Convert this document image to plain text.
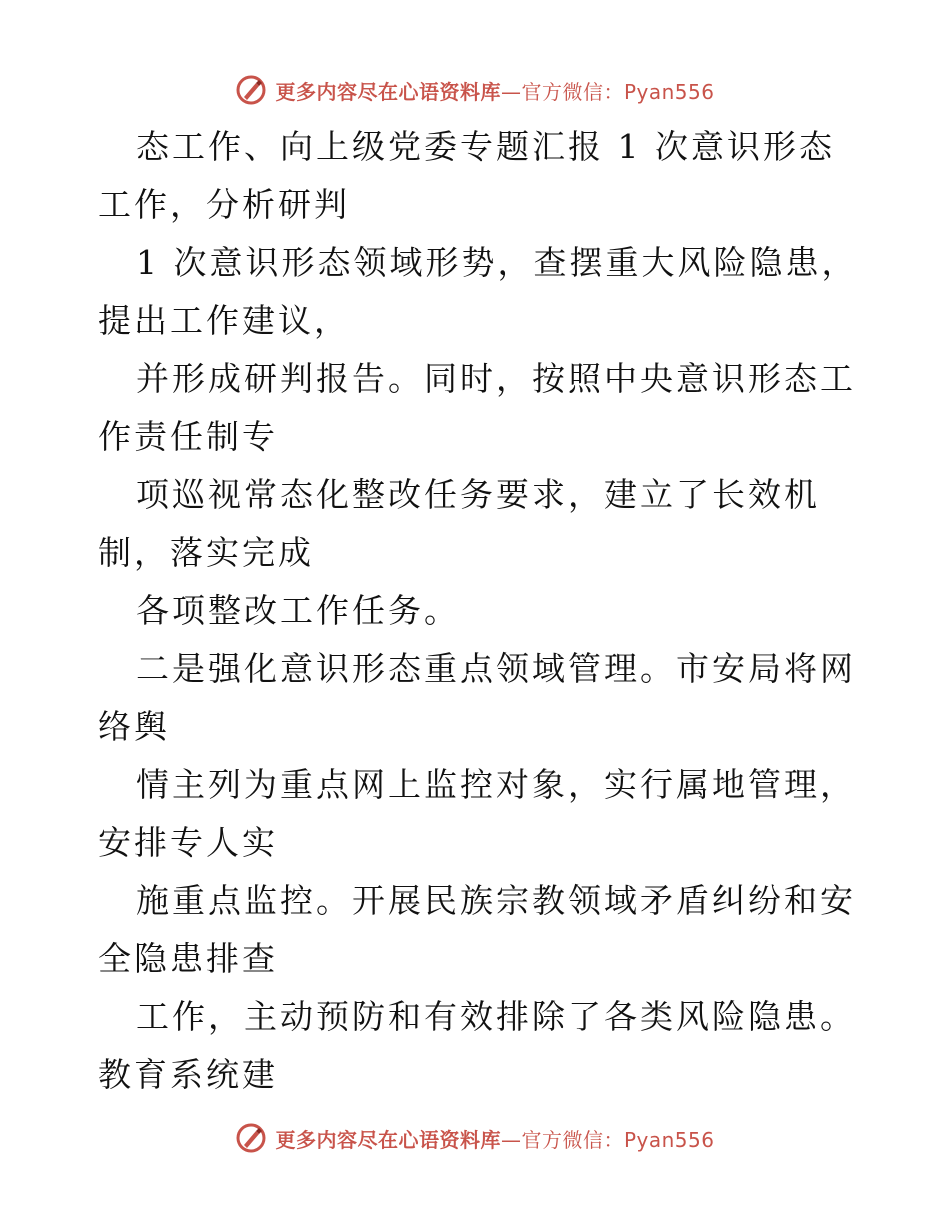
更多内容尽在心语资料库—官方微信：Pyan556

态工作、向上级党委专题汇报 1 次意识形态工作，分析研判

1 次意识形态领域形势，查摆重大风险隐患，提出工作建议，

并形成研判报告。同时，按照中央意识形态工作责任制专

项巡视常态化整改任务要求，建立了长效机制，落实完成

各项整改工作任务。

二是强化意识形态重点领域管理。市安局将网络舆

情主列为重点网上监控对象，实行属地管理，安排专人实

施重点监控。开展民族宗教领域矛盾纠纷和安全隐患排查

工作，主动预防和有效排除了各类风险隐患。教育系统建

更多内容尽在心语资料库—官方微信：Pyan556
